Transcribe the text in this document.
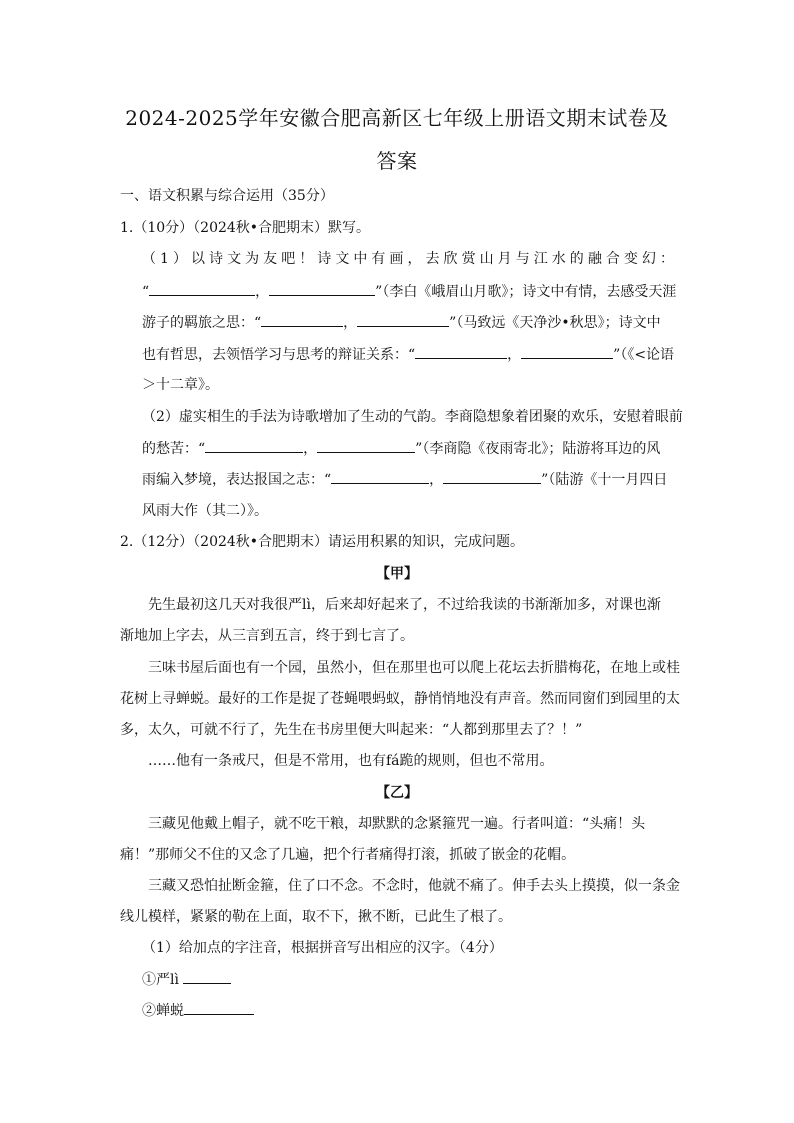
2024-2025学年安徽合肥高新区七年级上册语文期末试卷及
答案
一、语文积累与综合运用（35分）
1.（10分）（2024秋•合肥期末）默写。
（1）以诗文为友吧！诗文中有画，去欣赏山月与江水的融合变幻：
“	，	”（李白《峨眉山月歌》；诗文中有情，去感受天涯
游子的羁旅之思：“	，	”（马致远《天净沙•秋思》；诗文中
也有哲思，去领悟学习与思考的辩证关系：“	，	”（《<论语
＞十二章》。
（2）虚实相生的手法为诗歌增加了生动的气韵。李商隐想象着团聚的欢乐，安慰着眼前
的愁苦：“	，	”（李商隐《夜雨寄北》；陆游将耳边的风
雨编入梦境，表达报国之志：“	，	”（陆游《十一月四日
风雨大作（其二）》。
2.（12分）（2024秋•合肥期末）请运用积累的知识，完成问题。
【甲】
先生最初这几天对我很严lì，后来却好起来了，不过给我读的书渐渐加多，对课也渐
渐地加上字去，从三言到五言，终于到七言了。
三味书屋后面也有一个园，虽然小，但在那里也可以爬上花坛去折腊梅花，在地上或桂
花树上寻蝉蜕。最好的工作是捉了苍蝇喂蚂蚁，静悄悄地没有声音。然而同窗们到园里的太
多，太久，可就不行了，先生在书房里便大叫起来：“人都到那里去了？！”
……他有一条戒尺，但是不常用，也有fá跪的规则，但也不常用。
【乙】
三藏见他戴上帽子，就不吃干粮，却默默的念紧箍咒一遍。行者叫道：“头痛！头
痛！”那师父不住的又念了几遍，把个行者痛得打滚，抓破了嵌金的花帽。
三藏又恐怕扯断金箍，住了口不念。不念时，他就不痛了。伸手去头上摸摸，似一条金
线儿模样，紧紧的勒在上面，取不下，揪不断，已此生了根了。
（1）给加点的字注音，根据拼音写出相应的汉字。（4分）
①严lì
②蝉蜕
